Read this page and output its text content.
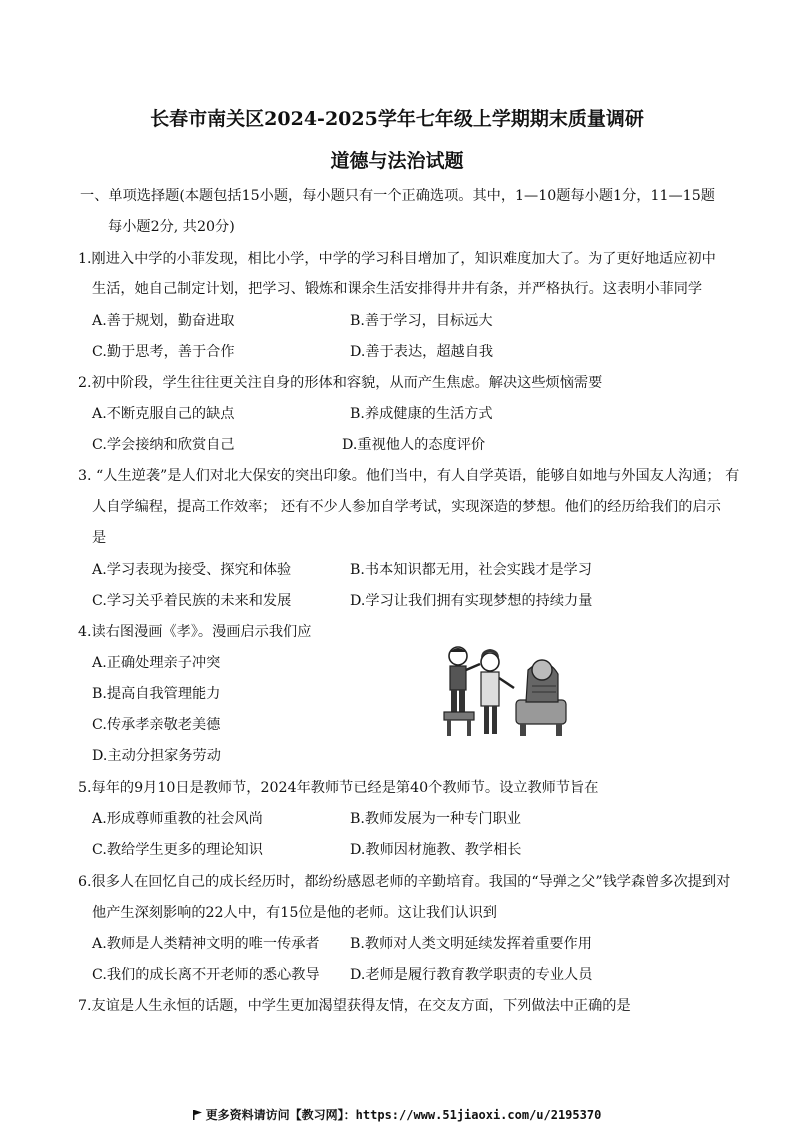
长春市南关区2024-2025学年七年级上学期期末质量调研
道德与法治试题
一、单项选择题(本题包括15小题，每小题只有一个正确选项。其中，1—10题每小题1分，11—15题
每小题2分, 共20分)
1.刚进入中学的小菲发现，相比小学，中学的学习科目增加了，知识难度加大了。为了更好地适应初中
生活，她自己制定计划，把学习、锻炼和课余生活安排得井井有条，并严格执行。这表明小菲同学
A.善于规划，勤奋进取	B.善于学习，目标远大
C.勤于思考，善于合作	D.善于表达，超越自我
2.初中阶段，学生往往更关注自身的形体和容貌，从而产生焦虑。解决这些烦恼需要
A.不断克服自己的缺点	B.养成健康的生活方式
C.学会接纳和欣赏自己	D.重视他人的态度评价
3. “人生逆袭”是人们对北大保安的突出印象。他们当中，有人自学英语，能够自如地与外国友人沟通； 有
人自学编程，提高工作效率； 还有不少人参加自学考试，实现深造的梦想。他们的经历给我们的启示
是
A.学习表现为接受、探究和体验	B.书本知识都无用，社会实践才是学习
C.学习关乎着民族的未来和发展	D.学习让我们拥有实现梦想的持续力量
4.读右图漫画《孝》。漫画启示我们应
A.正确处理亲子冲突
B.提高自我管理能力
C.传承孝亲敬老美德
D.主动分担家务劳动
5.每年的9月10日是教师节，2024年教师节已经是第40个教师节。设立教师节旨在
A.形成尊师重教的社会风尚	B.教师发展为一种专门职业
C.教给学生更多的理论知识	D.教师因材施教、教学相长
6.很多人在回忆自己的成长经历时，都纷纷感恩老师的辛勤培育。我国的“导弹之父”钱学森曾多次提到对
他产生深刻影响的22人中，有15位是他的老师。这让我们认识到
A.教师是人类精神文明的唯一传承者 B.教师对人类文明延续发挥着重要作用
C.我们的成长离不开老师的悉心教导 D.老师是履行教育教学职责的专业人员
7.友谊是人生永恒的话题，中学生更加渴望获得友情，在交友方面，下列做法中正确的是
更多资料请访问【教习网】：https://www.51jiaoxi.com/u/2195370
